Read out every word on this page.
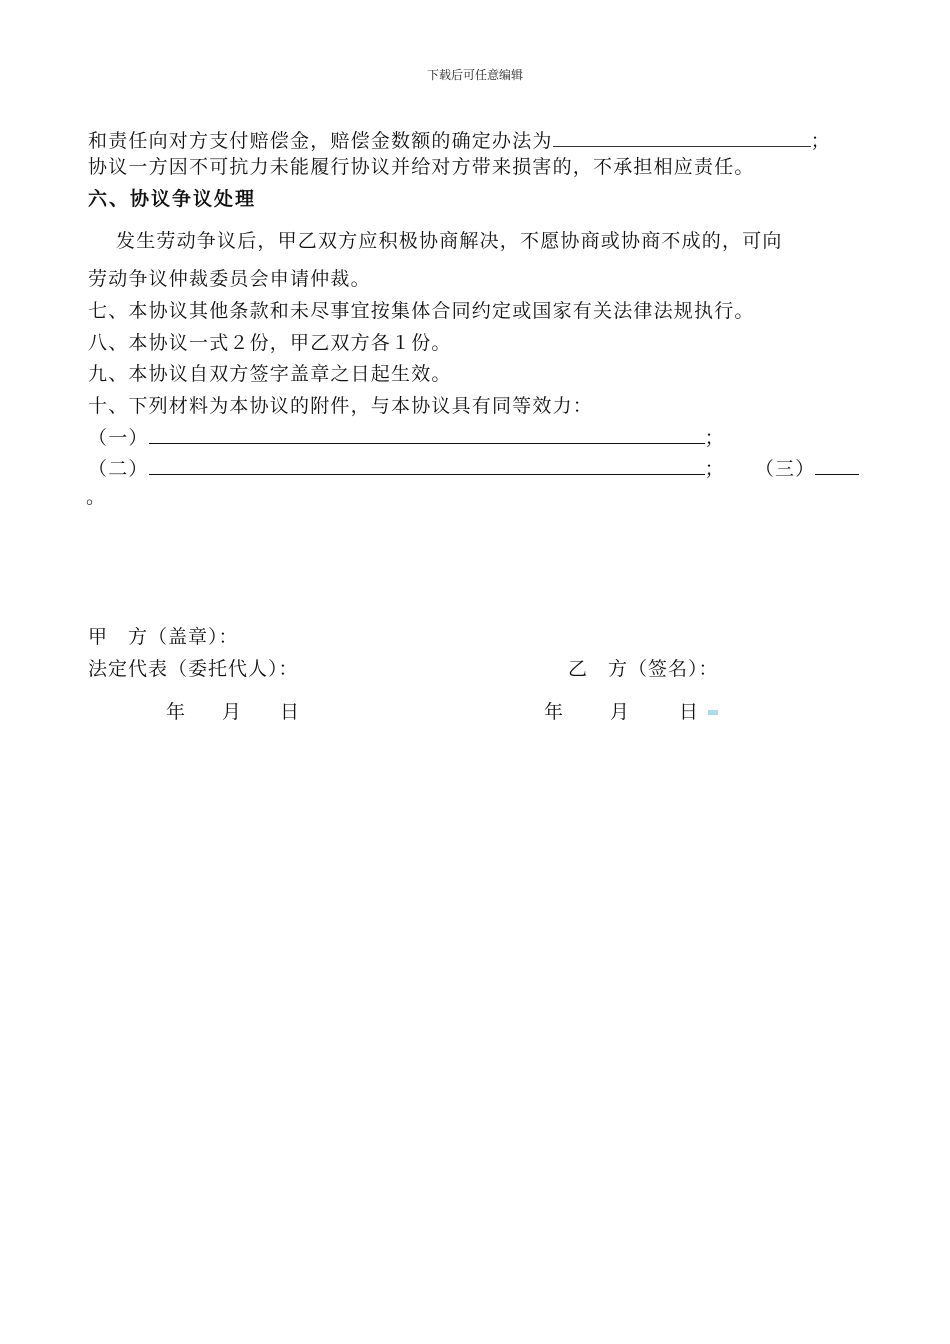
下载后可任意编辑
和责任向对方支付赔偿金，赔偿金数额的确定办法为	；
协议一方因不可抗力未能履行协议并给对方带来损害的，不承担相应责任。
六、协议争议处理
发生劳动争议后，甲乙双方应积极协商解决，不愿协商或协商不成的，可向
劳动争议仲裁委员会申请仲裁。
七、本协议其他条款和未尽事宜按集体合同约定或国家有关法律法规执行。
八、本协议一式２份，甲乙双方各１份。
九、本协议自双方签字盖章之日起生效。
十、下列材料为本协议的附件，与本协议具有同等效力：
（一）	；
（二）	； （三）
。
甲　方（盖章）：
法定代表（委托代人）：	乙　方（签名）：
年 月 日	年 月	日
